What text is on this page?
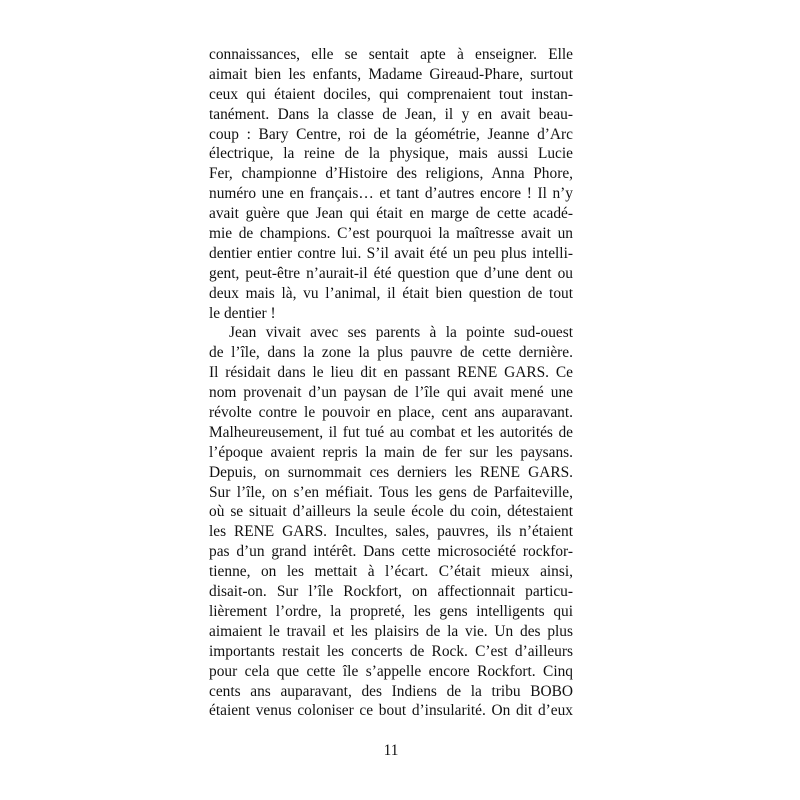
connaissances, elle se sentait apte à enseigner. Elle
aimait bien les enfants, Madame Gireaud-Phare, surtout
ceux qui étaient dociles, qui comprenaient tout instan-
tanément. Dans la classe de Jean, il y en avait beau-
coup : Bary Centre, roi de la géométrie, Jeanne d’Arc
électrique, la reine de la physique, mais aussi Lucie
Fer, championne d’Histoire des religions, Anna Phore,
numéro une en français… et tant d’autres encore ! Il n’y
avait guère que Jean qui était en marge de cette acadé-
mie de champions. C’est pourquoi la maîtresse avait un
dentier entier contre lui. S’il avait été un peu plus intelli-
gent, peut-être n’aurait-il été question que d’une dent ou
deux mais là, vu l’animal, il était bien question de tout
le dentier !
Jean vivait avec ses parents à la pointe sud-ouest
de l’île, dans la zone la plus pauvre de cette dernière.
Il résidait dans le lieu dit en passant RENE GARS. Ce
nom provenait d’un paysan de l’île qui avait mené une
révolte contre le pouvoir en place, cent ans auparavant.
Malheureusement, il fut tué au combat et les autorités de
l’époque avaient repris la main de fer sur les paysans.
Depuis, on surnommait ces derniers les RENE GARS.
Sur l’île, on s’en méfiait. Tous les gens de Parfaiteville,
où se situait d’ailleurs la seule école du coin, détestaient
les RENE GARS. Incultes, sales, pauvres, ils n’étaient
pas d’un grand intérêt. Dans cette microsociété rockfor-
tienne, on les mettait à l’écart. C’était mieux ainsi,
disait-on. Sur l’île Rockfort, on affectionnait particu-
lièrement l’ordre, la propreté, les gens intelligents qui
aimaient le travail et les plaisirs de la vie. Un des plus
importants restait les concerts de Rock. C’est d’ailleurs
pour cela que cette île s’appelle encore Rockfort. Cinq
cents ans auparavant, des Indiens de la tribu BOBO
étaient venus coloniser ce bout d’insularité. On dit d’eux
11
